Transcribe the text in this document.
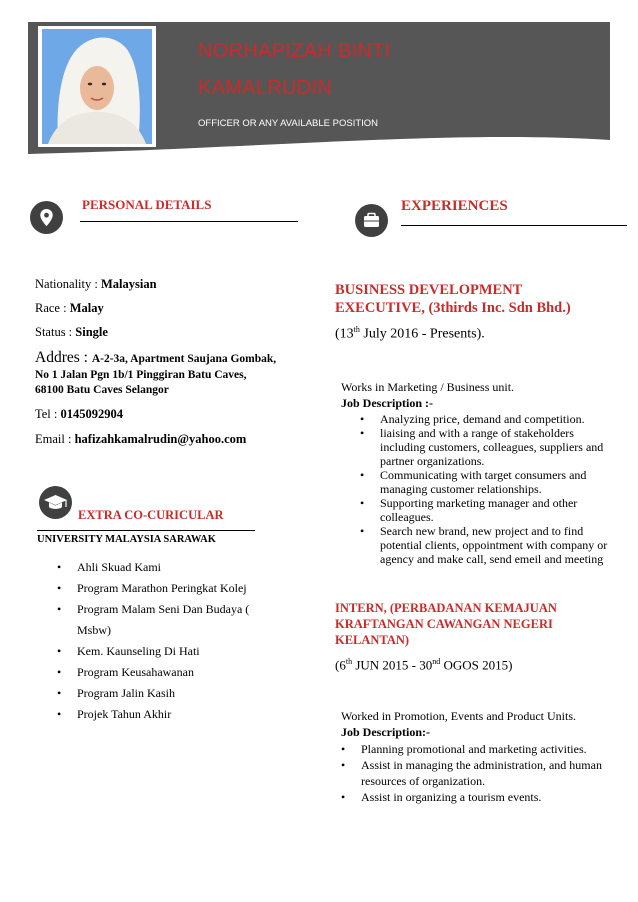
NORHAPIZAH BINTI
KAMALRUDIN
OFFICER OR ANY AVAILABLE POSITION
PERSONAL DETAILS
Nationality : Malaysian
Race : Malay
Status : Single
Addres : A-2-3a, Apartment Saujana Gombak,
No 1 Jalan Pgn 1b/1 Pinggiran Batu Caves,
68100 Batu Caves Selangor
Tel : 0145092904
Email : hafizahkamalrudin@yahoo.com
EXTRA CO-CURICULAR
UNIVERSITY MALAYSIA SARAWAK
• Ahli Skuad Kami
• Program Marathon Peringkat Kolej
• Program Malam Seni Dan Budaya (
Msbw)
• Kem. Kaunseling Di Hati
• Program Keusahawanan
• Program Jalin Kasih
• Projek Tahun Akhir
EXPERIENCES
BUSINESS DEVELOPMENT
EXECUTIVE, (3thirds Inc. Sdn Bhd.)
(13th July 2016 - Presents).
Works in Marketing / Business unit.
Job Description :-
• Analyzing price, demand and competition.
• liaising and with a range of stakeholders
including customers, colleagues, suppliers and
partner organizations.
• Communicating with target consumers and
managing customer relationships.
• Supporting marketing manager and other
colleagues.
• Search new brand, new project and to find
potential clients, oppointment with company or
agency and make call, send emeil and meeting
INTERN, (PERBADANAN KEMAJUAN
KRAFTANGAN CAWANGAN NEGERI
KELANTAN)
(6th JUN 2015 - 30nd OGOS 2015)
Worked in Promotion, Events and Product Units.
Job Description:-
• Planning promotional and marketing activities.
• Assist in managing the administration, and human
resources of organization.
• Assist in organizing a tourism events.
